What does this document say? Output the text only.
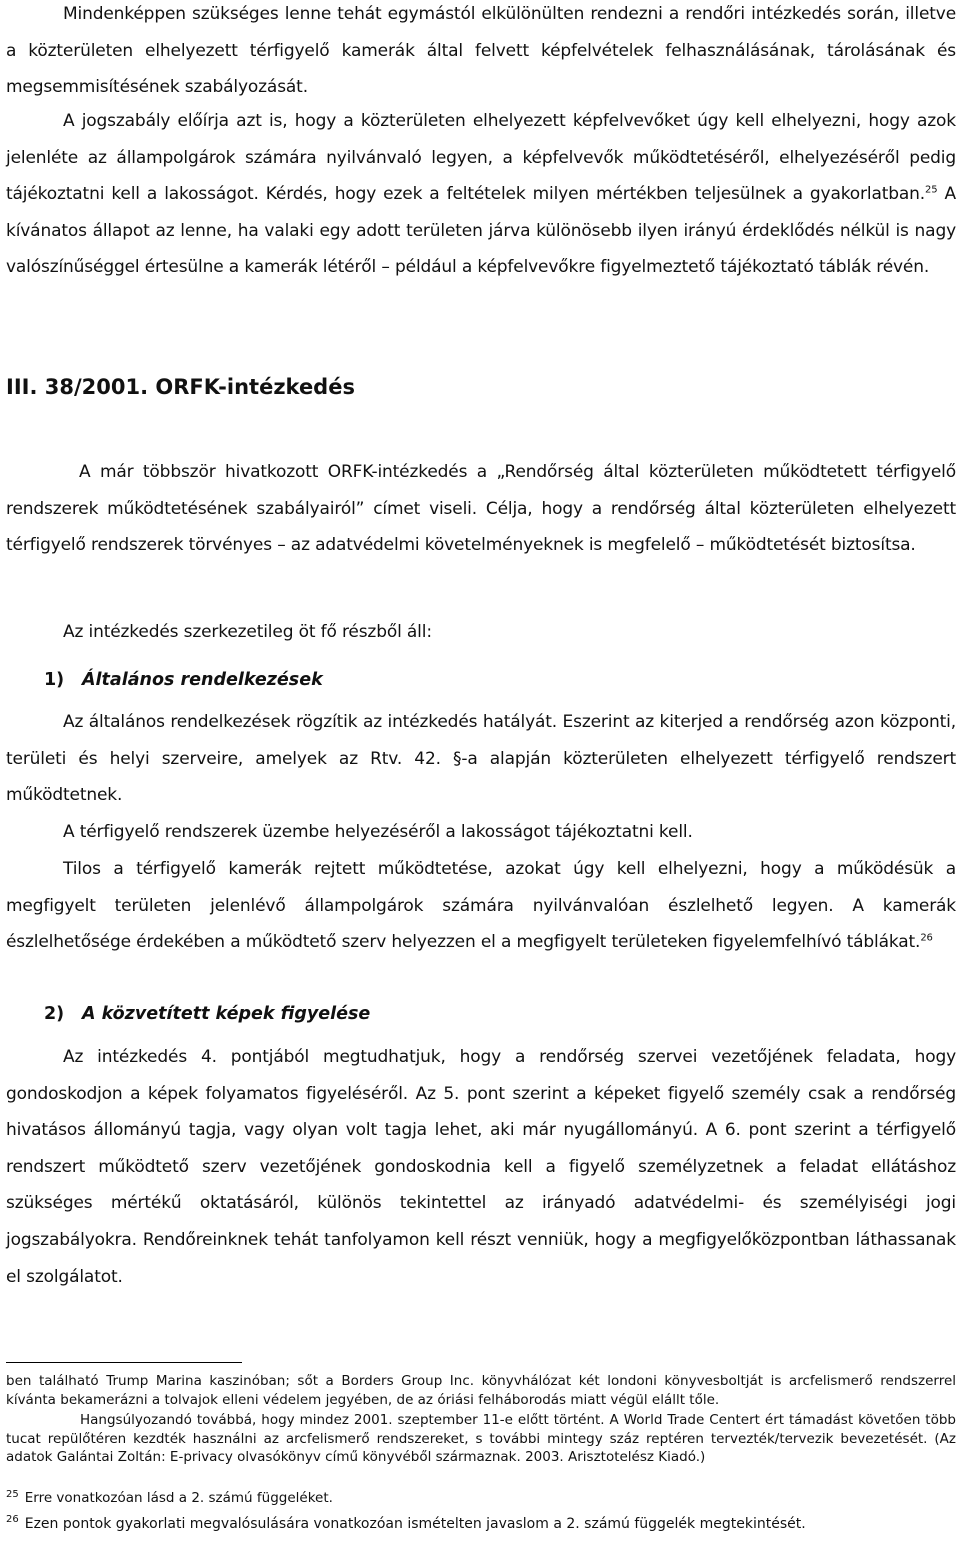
Mindenképpen szükséges lenne tehát egymástól elkülönülten rendezni a rendőri intézkedés során, illetve a közterületen elhelyezett térfigyelő kamerák által felvett képfelvételek felhasználásának, tárolásának és megsemmisítésének szabályozását.

A jogszabály előírja azt is, hogy a közterületen elhelyezett képfelvevőket úgy kell elhelyezni, hogy azok jelenléte az állampolgárok számára nyilvánvaló legyen, a képfelvevők működtetéséről, elhelyezéséről pedig tájékoztatni kell a lakosságot. Kérdés, hogy ezek a feltételek milyen mértékben teljesülnek a gyakorlatban.$^{25}$ A kívánatos állapot az lenne, ha valaki egy adott területen járva különösebb ilyen irányú érdeklődés nélkül is nagy valószínűséggel értesülne a kamerák létéről – például a képfelvevőkre figyelmeztető tájékoztató táblák révén.

III. 38/2001. ORFK-intézkedés

A már többször hivatkozott ORFK-intézkedés a „Rendőrség által közterületen működtetett térfigyelő rendszerek működtetésének szabályairól” címet viseli. Célja, hogy a rendőrség által közterületen elhelyezett térfigyelő rendszerek törvényes – az adatvédelmi követelményeknek is megfelelő – működtetését biztosítsa.

Az intézkedés szerkezetileg öt fő részből áll:

1) Általános rendelkezések

Az általános rendelkezések rögzítik az intézkedés hatályát. Eszerint az kiterjed a rendőrség azon központi, területi és helyi szerveire, amelyek az Rtv. 42. §-a alapján közterületen elhelyezett térfigyelő rendszert működtetnek.

A térfigyelő rendszerek üzembe helyezéséről a lakosságot tájékoztatni kell.

Tilos a térfigyelő kamerák rejtett működtetése, azokat úgy kell elhelyezni, hogy a működésük a megfigyelt területen jelenlévő állampolgárok számára nyilvánvalóan észlelhető legyen. A kamerák észlelhetősége érdekében a működtető szerv helyezzen el a megfigyelt területeken figyelemfelhívó táblákat.$^{26}$

2) A közvetített képek figyelése

Az intézkedés 4. pontjából megtudhatjuk, hogy a rendőrség szervei vezetőjének feladata, hogy gondoskodjon a képek folyamatos figyeléséről. Az 5. pont szerint a képeket figyelő személy csak a rendőrség hivatásos állományú tagja, vagy olyan volt tagja lehet, aki már nyugállományú. A 6. pont szerint a térfigyelő rendszert működtető szerv vezetőjének gondoskodnia kell a figyelő személyzetnek a feladat ellátáshoz szükséges mértékű oktatásáról, különös tekintettel az irányadó adatvédelmi- és személyiségi jogi jogszabályokra. Rendőreinknek tehát tanfolyamon kell részt venniük, hogy a megfigyelőközpontban láthassanak el szolgálatot.

ben található Trump Marina kaszinóban; sőt a Borders Group Inc. könyvhálózat két londoni könyvesboltját is arcfelismerő rendszerrel kívánta bekamerázni a tolvajok elleni védelem jegyében, de az óriási felháborodás miatt végül elállt tőle.

Hangsúlyozandó továbbá, hogy mindez 2001. szeptember 11-e előtt történt. A World Trade Centert ért támadást követően több tucat repülőtéren kezdték használni az arcfelismerő rendszereket, s további mintegy száz reptéren tervezték/tervezik bevezetését. (Az adatok Galántai Zoltán: E-privacy olvasókönyv című könyvéből származnak. 2003. Arisztotelész Kiadó.)

$^{25}$ Erre vonatkozóan lásd a 2. számú függeléket.

$^{26}$ Ezen pontok gyakorlati megvalósulására vonatkozóan ismételten javaslom a 2. számú függelék megtekintését.
